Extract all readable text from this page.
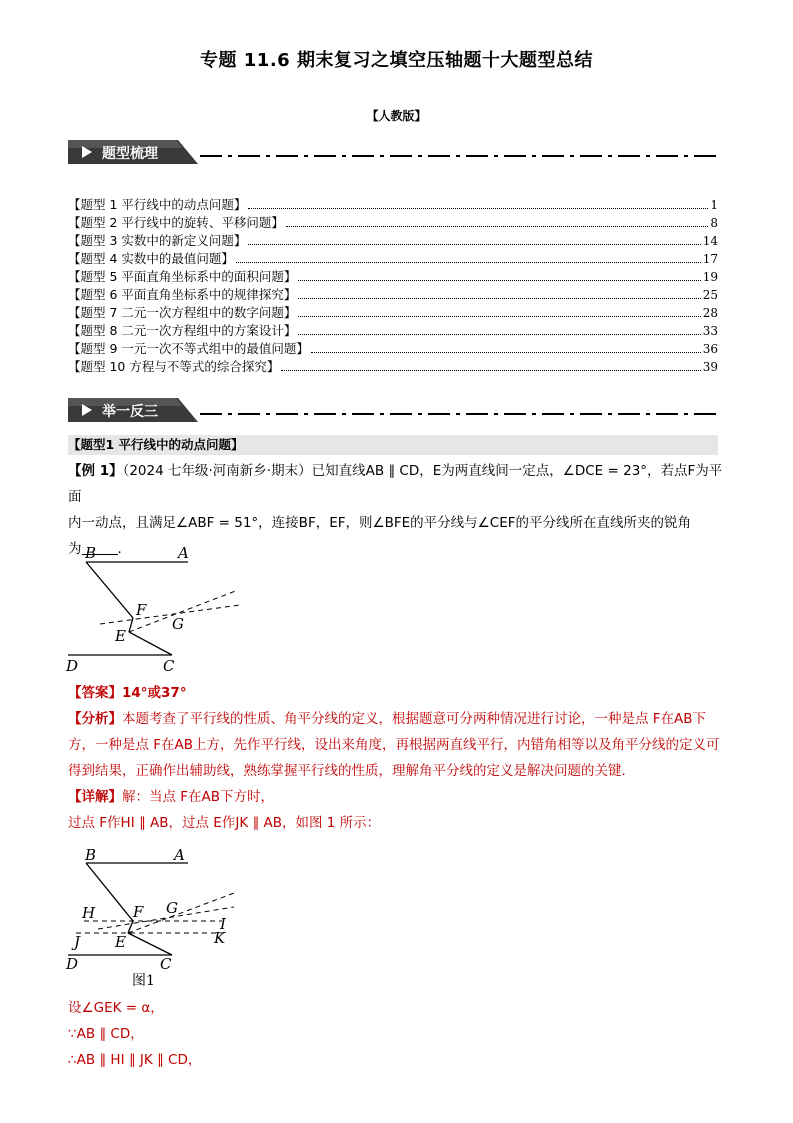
专题 11.6 期末复习之填空压轴题十大题型总结
【人教版】
题型梳理
【题型 1 平行线中的动点问题】	1
【题型 2 平行线中的旋转、平移问题】	8
【题型 3 实数中的新定义问题】	14
【题型 4 实数中的最值问题】	17
【题型 5 平面直角坐标系中的面积问题】	19
【题型 6 平面直角坐标系中的规律探究】	25
【题型 7 二元一次方程组中的数字问题】	28
【题型 8 二元一次方程组中的方案设计】	33
【题型 9 一元一次不等式组中的最值问题】	36
【题型 10 方程与不等式的综合探究】	39
举一反三
【题型1 平行线中的动点问题】
【例 1】（2024 七年级·河南新乡·期末）已知直线AB ∥ CD，E为两直线间一定点，∠DCE = 23°，若点F为平面
内一动点，且满足∠ABF = 51°，连接BF，EF，则∠BFE的平分线与∠CEF的平分线所在直线所夹的锐角
为	．
B	A
F
G
E
D	C
【答案】14°或37°
【分析】本题考查了平行线的性质、角平分线的定义，根据题意可分两种情况进行讨论，一种是点 F在AB下方，一种是点 F在AB上方，先作平行线，设出来角度，再根据两直线平行，内错角相等以及角平分线的定义可得到结果，正确作出辅助线，熟练掌握平行线的性质，理解角平分线的定义是解决问题的关键．
【详解】解：当点 F在AB下方时，
过点 F作HI ∥ AB，过点 E作JK ∥ AB，如图 1 所示：
B	A
H	F G
I
J E	K
D	C
图1
设∠GEK = α，
∵AB ∥ CD，
∴AB ∥ HI ∥ JK ∥ CD，
